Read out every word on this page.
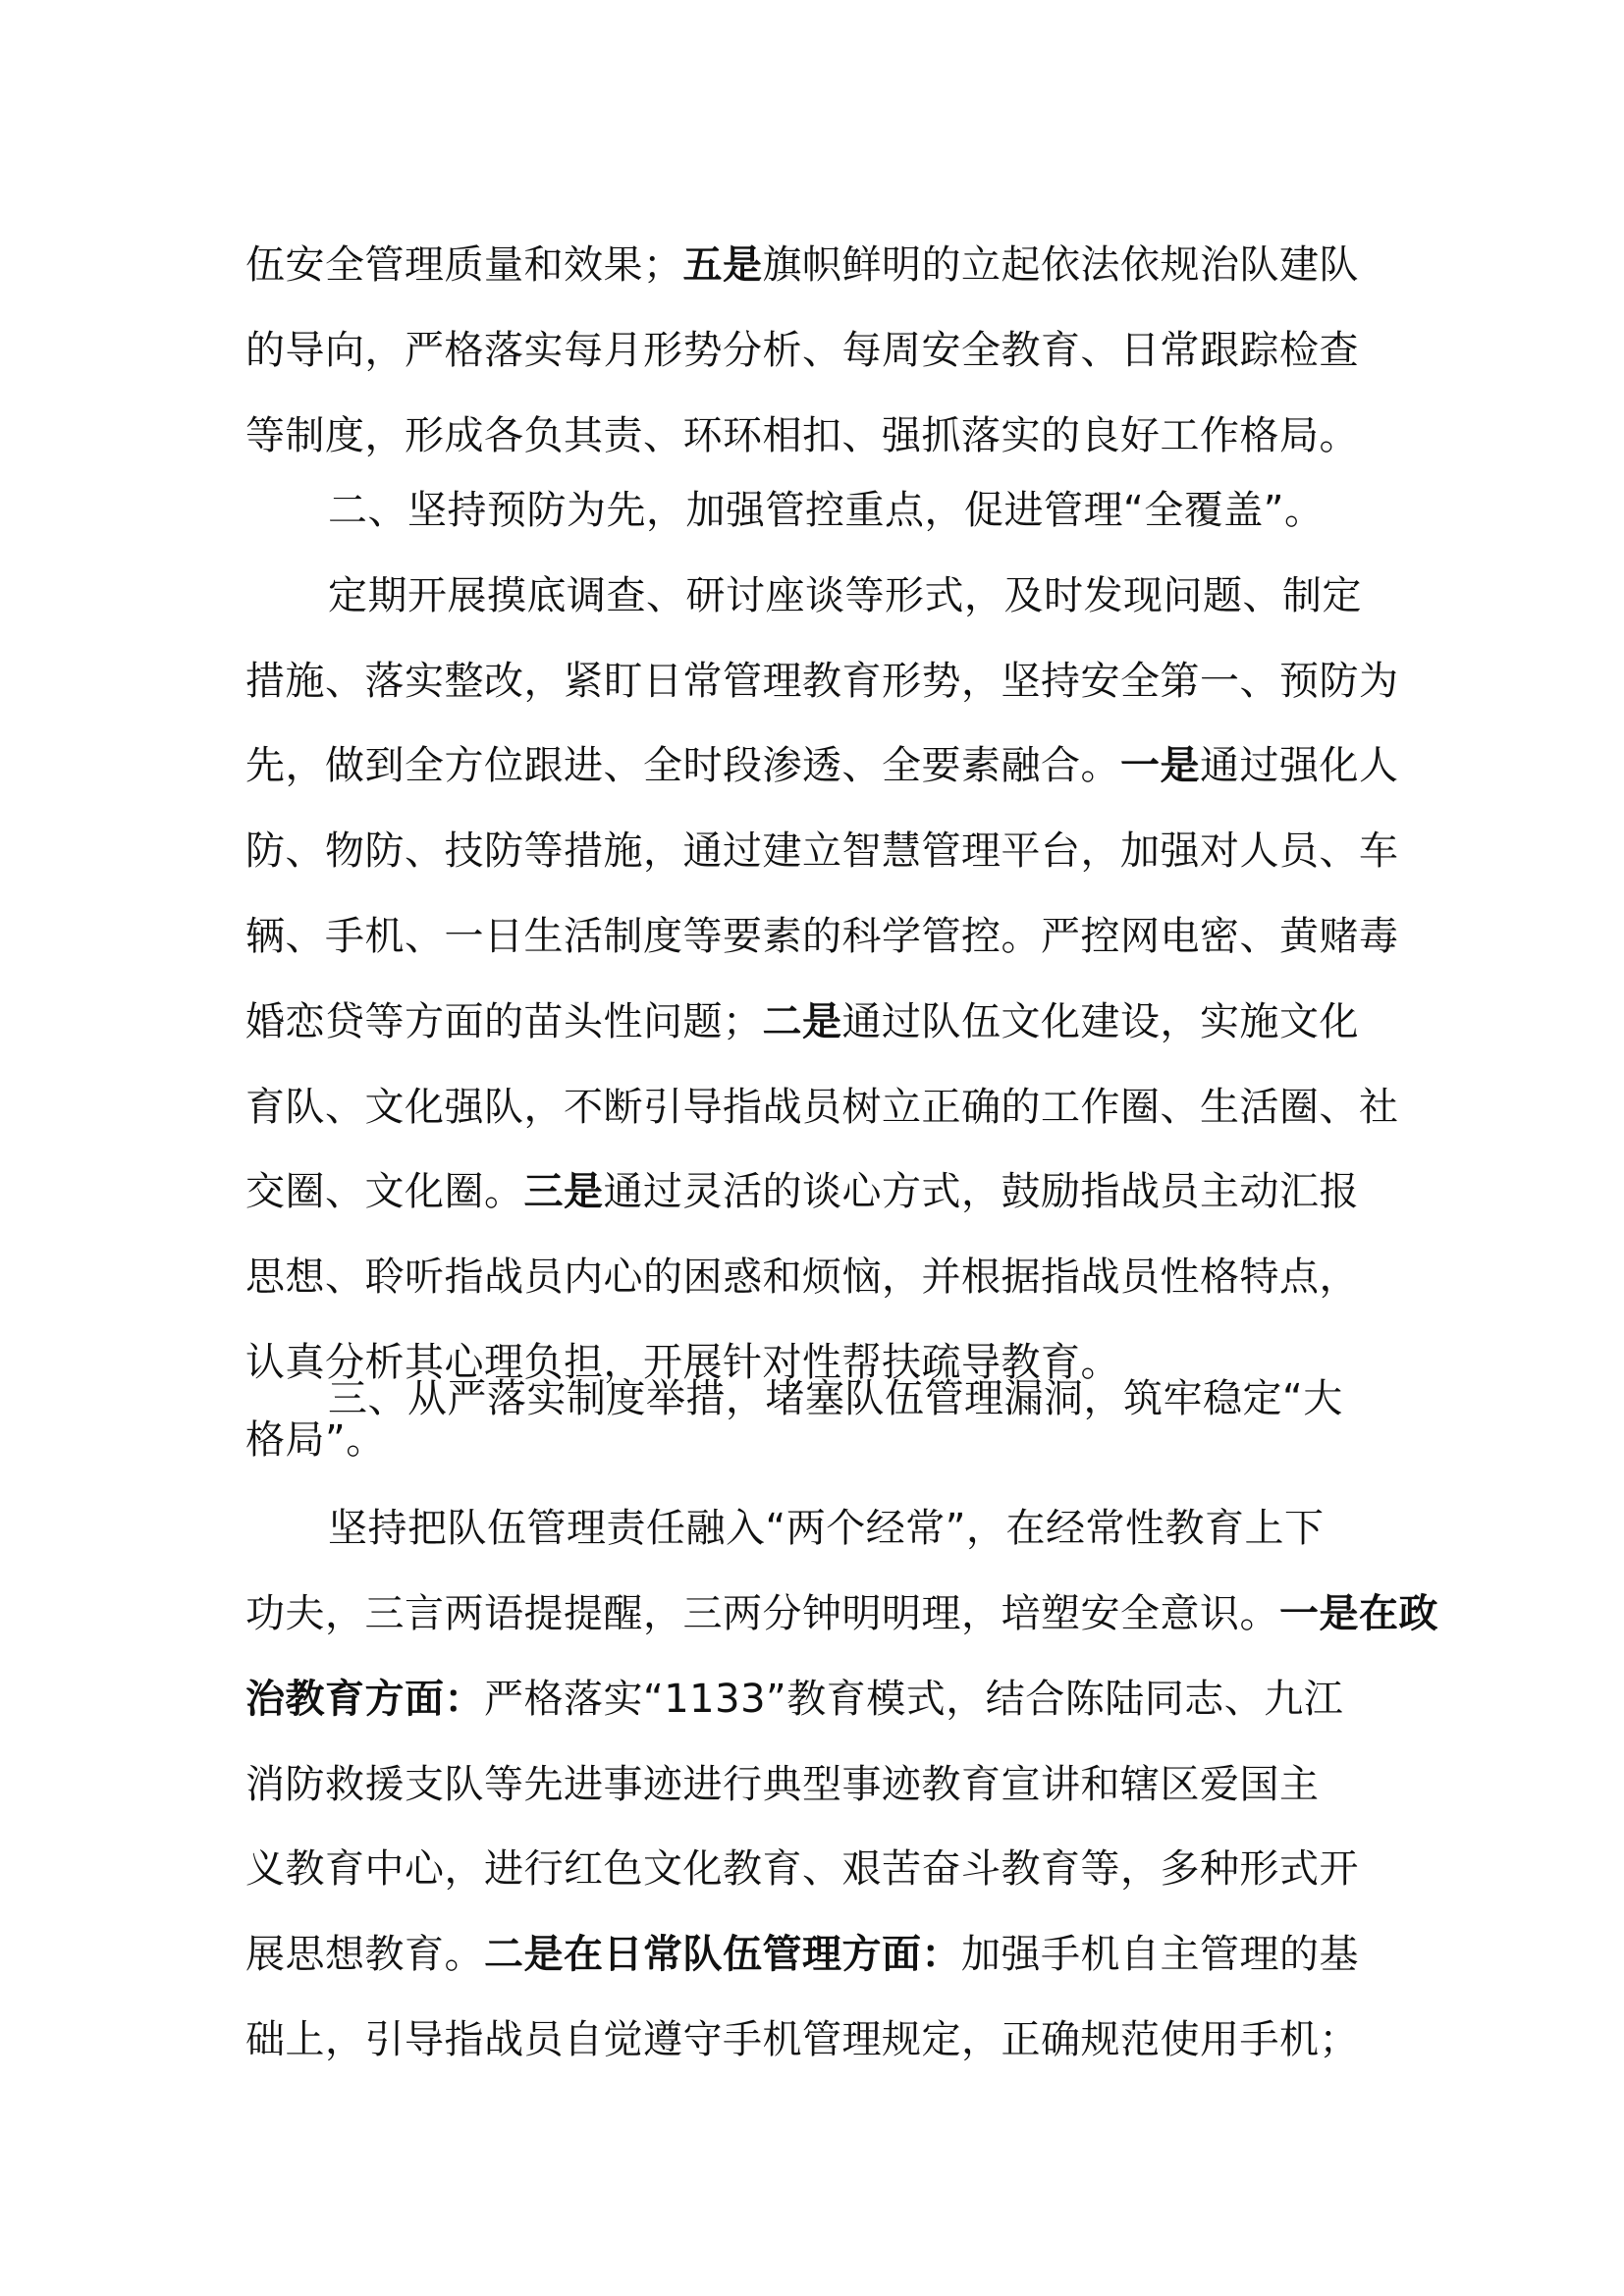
伍安全管理质量和效果；五是旗帜鲜明的立起依法依规治队建队
的导向，严格落实每月形势分析、每周安全教育、日常跟踪检查
等制度，形成各负其责、环环相扣、强抓落实的良好工作格局。
二、坚持预防为先，加强管控重点，促进管理“全覆盖”。
定期开展摸底调查、研讨座谈等形式，及时发现问题、制定
措施、落实整改，紧盯日常管理教育形势，坚持安全第一、预防为
先，做到全方位跟进、全时段渗透、全要素融合。一是通过强化人
防、物防、技防等措施，通过建立智慧管理平台，加强对人员、车
辆、手机、一日生活制度等要素的科学管控。严控网电密、黄赌毒
婚恋贷等方面的苗头性问题；二是通过队伍文化建设，实施文化
育队、文化强队，不断引导指战员树立正确的工作圈、生活圈、社
交圈、文化圈。三是通过灵活的谈心方式，鼓励指战员主动汇报
思想、聆听指战员内心的困惑和烦恼，并根据指战员性格特点，
认真分析其心理负担，开展针对性帮扶疏导教育。
三、从严落实制度举措，堵塞队伍管理漏洞，筑牢稳定“大
格局”。
坚持把队伍管理责任融入“两个经常”，在经常性教育上下
功夫，三言两语提提醒，三两分钟明明理，培塑安全意识。一是在政
治教育方面：严格落实“1133”教育模式，结合陈陆同志、九江
消防救援支队等先进事迹进行典型事迹教育宣讲和辖区爱国主
义教育中心，进行红色文化教育、艰苦奋斗教育等，多种形式开
展思想教育。二是在日常队伍管理方面：加强手机自主管理的基
础上，引导指战员自觉遵守手机管理规定，正确规范使用手机；
